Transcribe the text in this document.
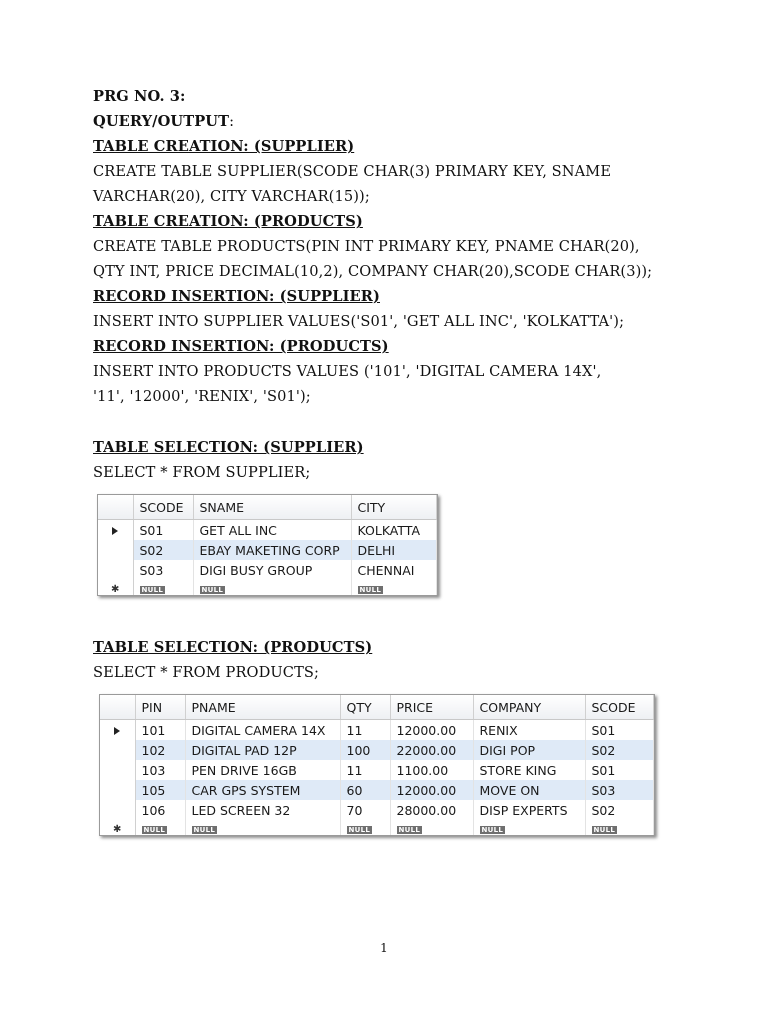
PRG NO. 3:
QUERY/OUTPUT:
TABLE CREATION: (SUPPLIER)
CREATE TABLE SUPPLIER(SCODE CHAR(3) PRIMARY KEY, SNAME
VARCHAR(20), CITY VARCHAR(15));
TABLE CREATION: (PRODUCTS)
CREATE TABLE PRODUCTS(PIN INT PRIMARY KEY, PNAME CHAR(20),
QTY INT, PRICE DECIMAL(10,2), COMPANY CHAR(20),SCODE CHAR(3));
RECORD INSERTION: (SUPPLIER)
INSERT INTO SUPPLIER VALUES('S01', 'GET ALL INC', 'KOLKATTA');
RECORD INSERTION: (PRODUCTS)
INSERT INTO PRODUCTS VALUES ('101', 'DIGITAL CAMERA 14X',
'11', '12000', 'RENIX', 'S01');
TABLE SELECTION: (SUPPLIER)
SELECT * FROM SUPPLIER;
	SCODE	SNAME	CITY
	S01	GET ALL INC	KOLKATTA
	S02	EBAY MAKETING CORP	DELHI
	S03	DIGI BUSY GROUP	CHENNAI
✱	NULL	NULL	NULL
TABLE SELECTION: (PRODUCTS)
SELECT * FROM PRODUCTS;
	PIN	PNAME	QTY	PRICE	COMPANY	SCODE
	101	DIGITAL CAMERA 14X	11	12000.00	RENIX	S01
	102	DIGITAL PAD 12P	100	22000.00	DIGI POP	S02
	103	PEN DRIVE 16GB	11	1100.00	STORE KING	S01
	105	CAR GPS SYSTEM	60	12000.00	MOVE ON	S03
	106	LED SCREEN 32	70	28000.00	DISP EXPERTS	S02
✱	NULL	NULL	NULL	NULL	NULL	NULL
1
